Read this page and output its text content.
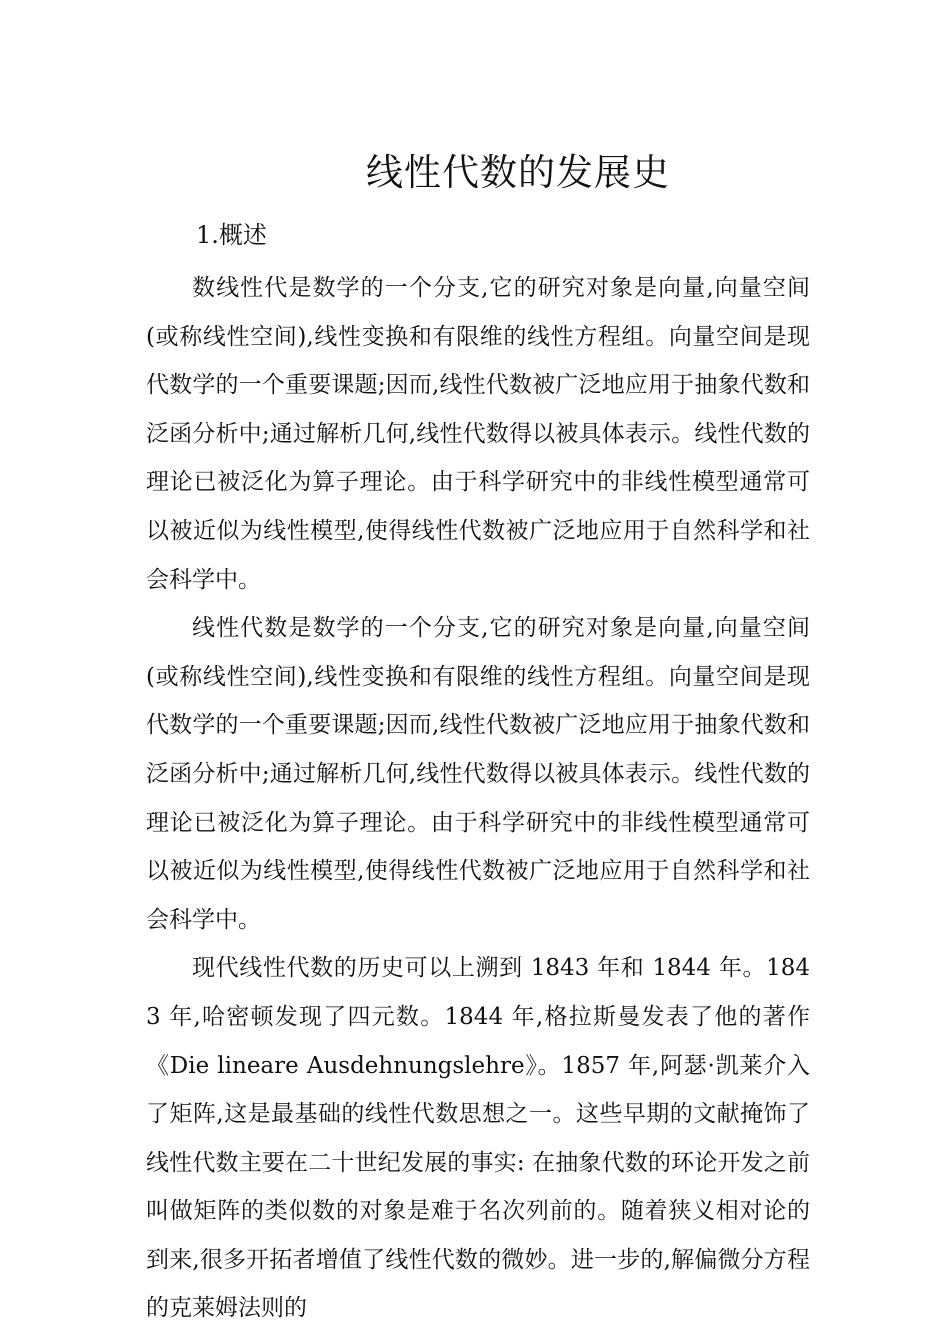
线性代数的发展史
1.概述

数线性代是数学的一个分支,它的研究对象是向量,向量空间(或称线性空间),线性变换和有限维的线性方程组。向量空间是现代数学的一个重要课题;因而,线性代数被广泛地应用于抽象代数和泛函分析中;通过解析几何,线性代数得以被具体表示。线性代数的理论已被泛化为算子理论。由于科学研究中的非线性模型通常可以被近似为线性模型,使得线性代数被广泛地应用于自然科学和社会科学中。

线性代数是数学的一个分支,它的研究对象是向量,向量空间(或称线性空间),线性变换和有限维的线性方程组。向量空间是现代数学的一个重要课题;因而,线性代数被广泛地应用于抽象代数和泛函分析中;通过解析几何,线性代数得以被具体表示。线性代数的理论已被泛化为算子理论。由于科学研究中的非线性模型通常可以被近似为线性模型,使得线性代数被广泛地应用于自然科学和社会科学中。

现代线性代数的历史可以上溯到 1843 年和 1844 年。1843 年,哈密顿发现了四元数。1844 年,格拉斯曼发表了他的著作《Die lineare Ausdehnungslehre》。1857 年,阿瑟·凯莱介入了矩阵,这是最基础的线性代数思想之一。这些早期的文献掩饰了线性代数主要在二十世纪发展的事实: 在抽象代数的环论开发之前叫做矩阵的类似数的对象是难于名次列前的。随着狭义相对论的到来,很多开拓者增值了线性代数的微妙。进一步的,解偏微分方程的克莱姆法则的
